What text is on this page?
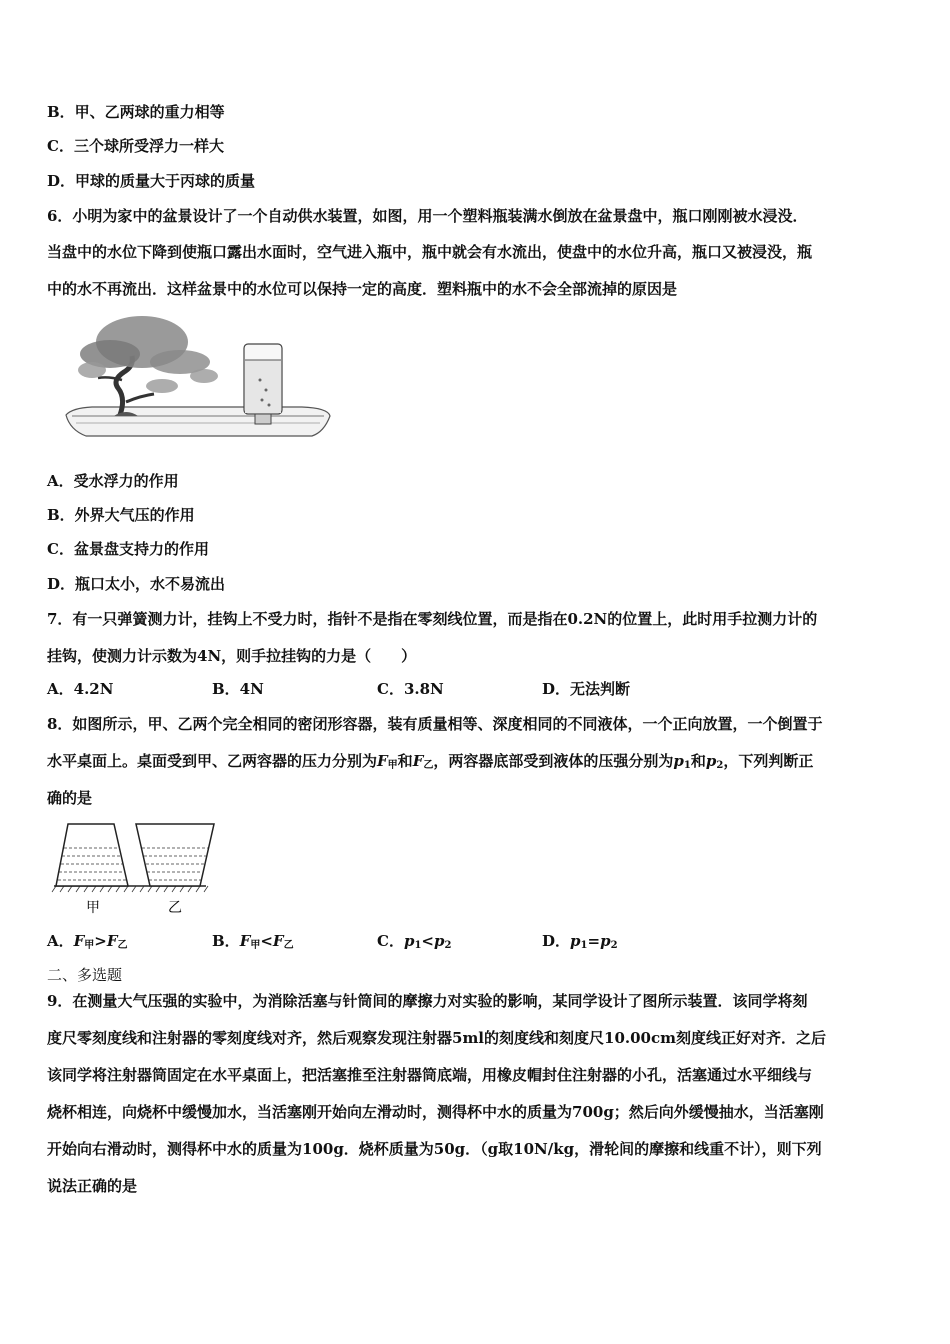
B．甲、乙两球的重力相等
C．三个球所受浮力一样大
D．甲球的质量大于丙球的质量
6．小明为家中的盆景设计了一个自动供水装置，如图，用一个塑料瓶装满水倒放在盆景盘中，瓶口刚刚被水浸没．
当盘中的水位下降到使瓶口露出水面时，空气进入瓶中，瓶中就会有水流出，使盘中的水位升高，瓶口又被浸没，瓶
中的水不再流出．这样盆景中的水位可以保持一定的高度．塑料瓶中的水不会全部流掉的原因是
A．受水浮力的作用
B．外界大气压的作用
C．盆景盘支持力的作用
D．瓶口太小，水不易流出
7．有一只弹簧测力计，挂钩上不受力时，指针不是指在零刻线位置，而是指在0.2N的位置上，此时用手拉测力计的
挂钩，使测力计示数为4N，则手拉挂钩的力是（　　）
A．4.2N	B．4N	C．3.8N	D．无法判断
8．如图所示，甲、乙两个完全相同的密闭形容器，装有质量相等、深度相同的不同液体，一个正向放置，一个倒置于
水平桌面上。桌面受到甲、乙两容器的压力分别为$F_甲$和$F_乙$，两容器底部受到液体的压强分别为$p_1$和$p_2$，下列判断正
确的是
甲	乙
A．$F_甲>F_乙$	B．$F_甲<F_乙$	C．$p_1<p_2$	D．$p_1=p_2$
二、多选题
9．在测量大气压强的实验中，为消除活塞与针筒间的摩擦力对实验的影响，某同学设计了图所示装置．该同学将刻
度尺零刻度线和注射器的零刻度线对齐，然后观察发现注射器5ml的刻度线和刻度尺10.00cm刻度线正好对齐．之后
该同学将注射器筒固定在水平桌面上，把活塞推至注射器筒底端，用橡皮帽封住注射器的小孔，活塞通过水平细线与
烧杯相连，向烧杯中缓慢加水，当活塞刚开始向左滑动时，测得杯中水的质量为700g；然后向外缓慢抽水，当活塞刚
开始向右滑动时，测得杯中水的质量为100g．烧杯质量为50g．（g取10N/kg，滑轮间的摩擦和线重不计），则下列
说法正确的是
